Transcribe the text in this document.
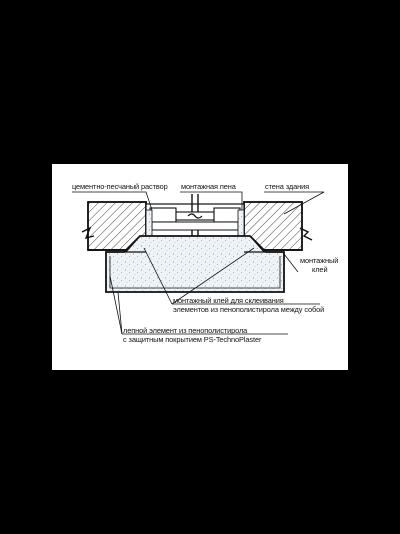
цементно-песчаный раствор монтажная пена	стена здания
монтажный
клей
монтажный клей для склеивания
элементов из пенополистирола между собой
лепной элемент из пенополистирола
с защитным покрытием PS-TechnoPlaster
